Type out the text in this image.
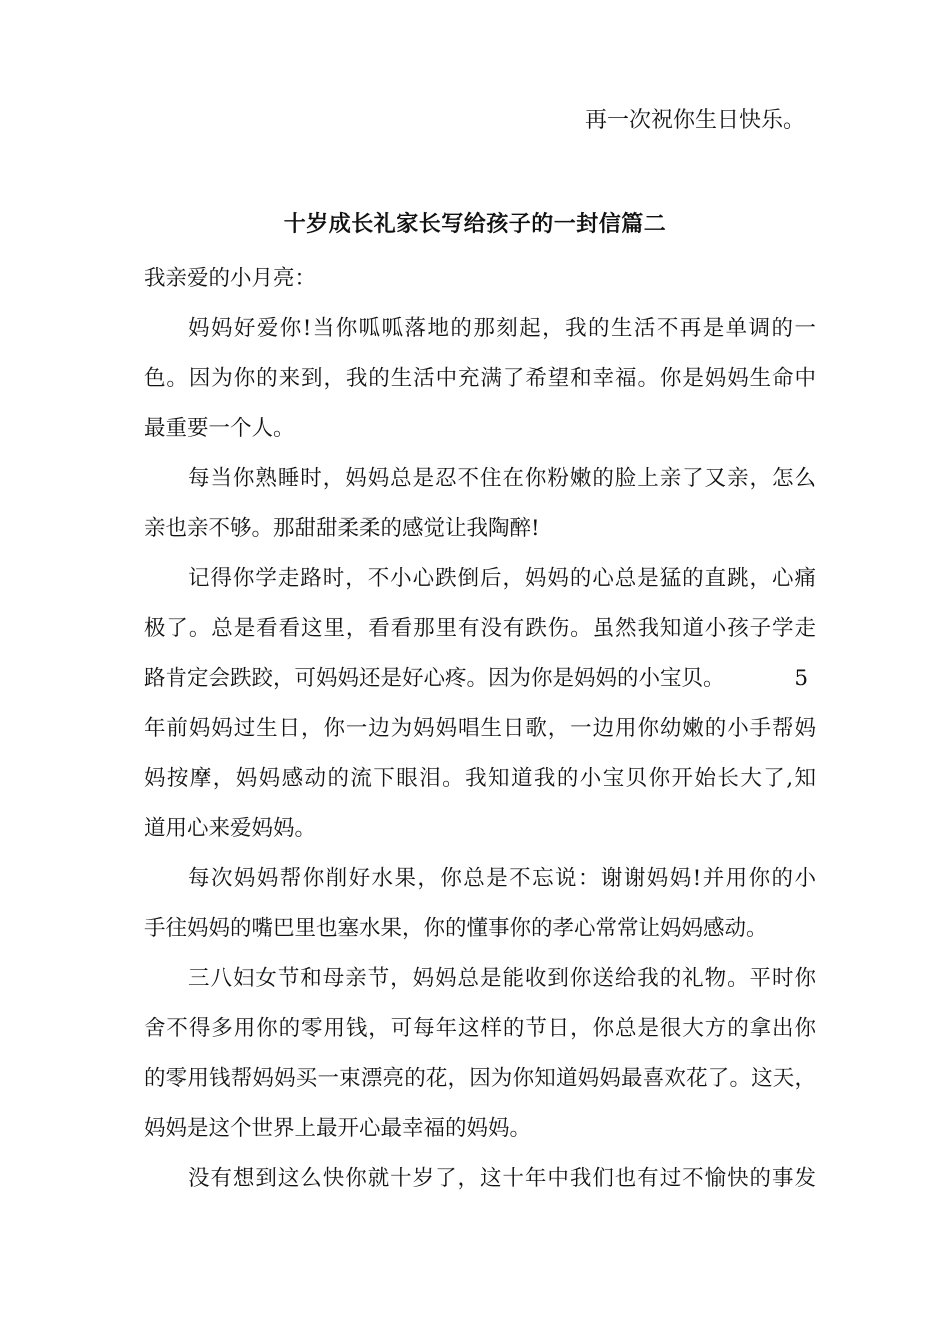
再一次祝你生日快乐。
十岁成长礼家长写给孩子的一封信篇二
我亲爱的小月亮：
妈妈好爱你!当你呱呱落地的那刻起，我的生活不再是单调的一
色。因为你的来到，我的生活中充满了希望和幸福。你是妈妈生命中
最重要一个人。
每当你熟睡时，妈妈总是忍不住在你粉嫩的脸上亲了又亲，怎么
亲也亲不够。那甜甜柔柔的感觉让我陶醉!
记得你学走路时，不小心跌倒后，妈妈的心总是猛的直跳，心痛
极了。总是看看这里，看看那里有没有跌伤。虽然我知道小孩子学走
路肯定会跌跤，可妈妈还是好心疼。因为你是妈妈的小宝贝。	5
年前妈妈过生日，你一边为妈妈唱生日歌，一边用你幼嫩的小手帮妈
妈按摩，妈妈感动的流下眼泪。我知道我的小宝贝你开始长大了,知
道用心来爱妈妈。
每次妈妈帮你削好水果，你总是不忘说：谢谢妈妈!并用你的小
手往妈妈的嘴巴里也塞水果，你的懂事你的孝心常常让妈妈感动。
三八妇女节和母亲节，妈妈总是能收到你送给我的礼物。平时你
舍不得多用你的零用钱，可每年这样的节日，你总是很大方的拿出你
的零用钱帮妈妈买一束漂亮的花，因为你知道妈妈最喜欢花了。这天，
妈妈是这个世界上最开心最幸福的妈妈。
没有想到这么快你就十岁了，这十年中我们也有过不愉快的事发
